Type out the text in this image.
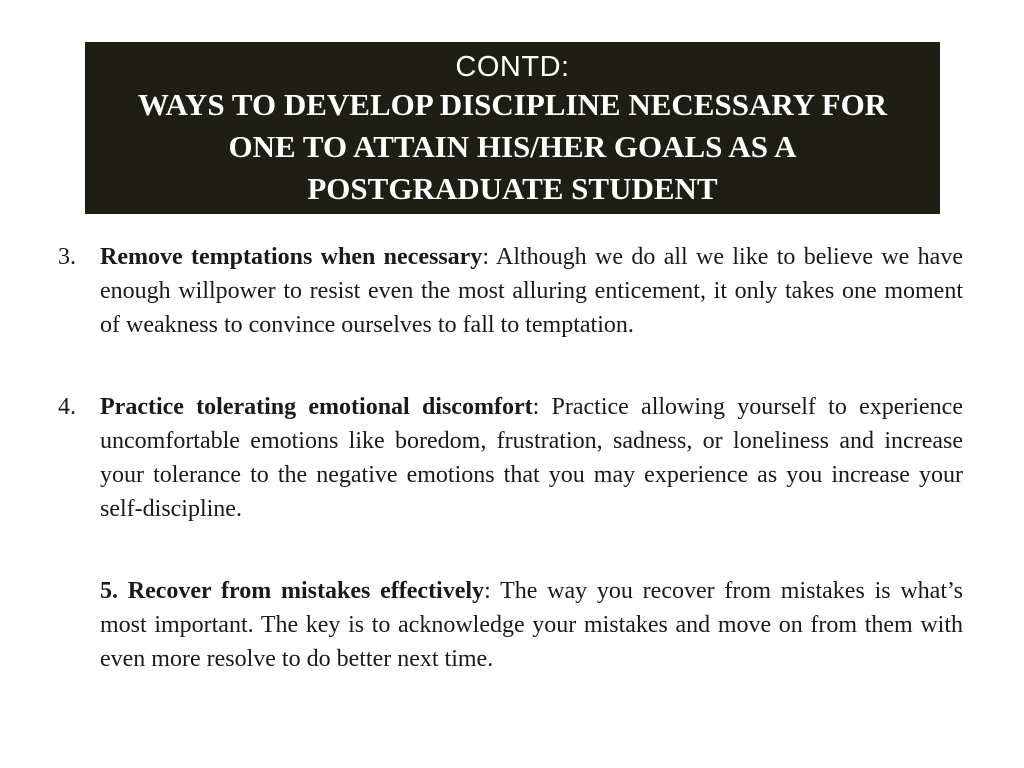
CONTD:
WAYS TO DEVELOP DISCIPLINE NECESSARY FOR ONE TO ATTAIN HIS/HER GOALS AS A POSTGRADUATE STUDENT
3.	Remove temptations when necessary: Although we do all we like to believe we have enough willpower to resist even the most alluring enticement, it only takes one moment of weakness to convince ourselves to fall to temptation.
4.	Practice tolerating emotional discomfort: Practice allowing yourself to experience uncomfortable emotions like boredom, frustration, sadness, or loneliness and increase your tolerance to the negative emotions that you may experience as you increase your self-discipline.
5. Recover from mistakes effectively: The way you recover from mistakes is what’s most important. The key is to acknowledge your mistakes and move on from them with even more resolve to do better next time.
